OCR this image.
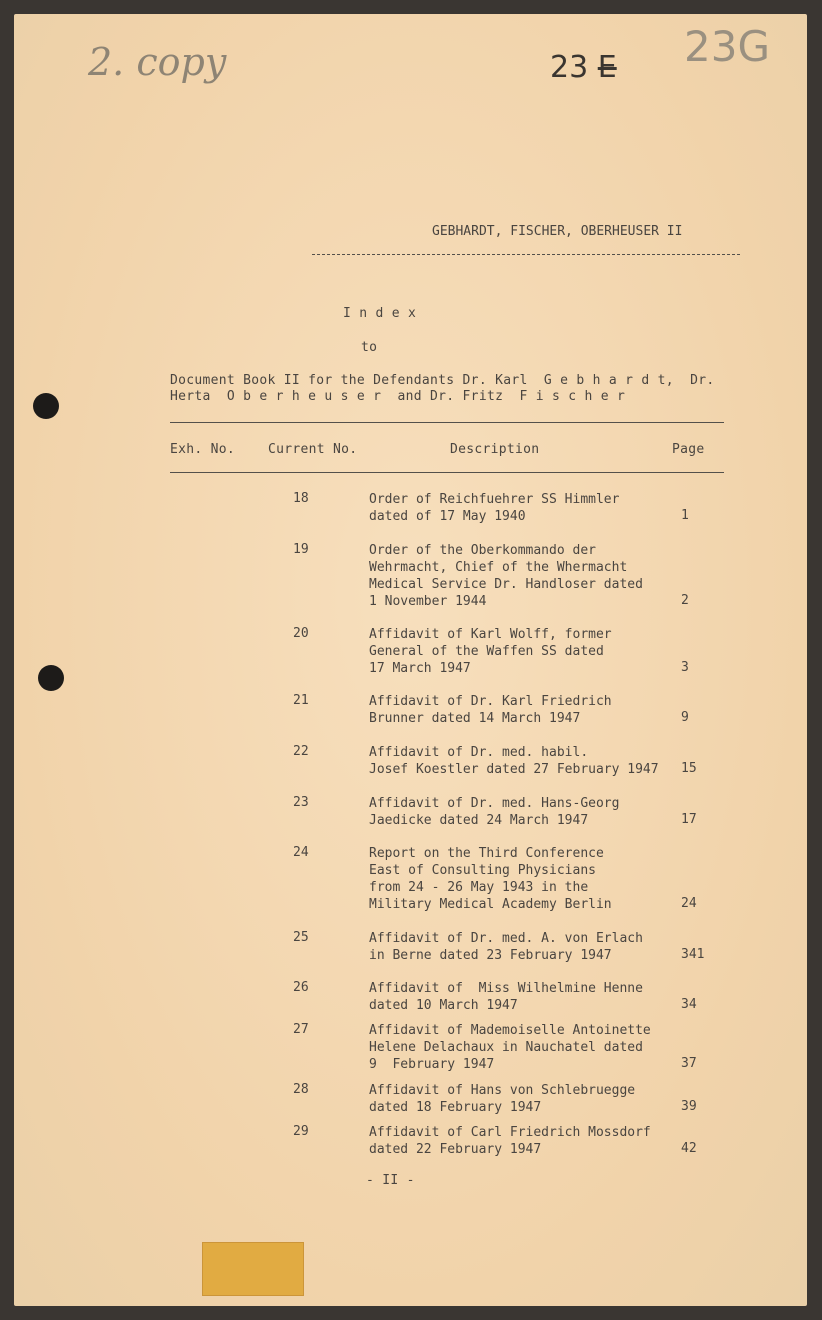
2. copy	23G
23 E
GEBHARDT, FISCHER, OBERHEUSER II
I n d e x
to
Document Book II for the Defendants Dr. Karl  G e b h a r d t,  Dr.
Herta  O b e r h e u s e r  and Dr. Fritz  F i s c h e r
Exh. No.	Current No.	Description	Page
18	Order of Reichfuehrer SS Himmler
dated of 17 May 1940	1
19	Order of the Oberkommando der
Wehrmacht, Chief of the Whermacht
Medical Service Dr. Handloser dated
1 November 1944	2
20	Affidavit of Karl Wolff, former
General of the Waffen SS dated
17 March 1947	3
21	Affidavit of Dr. Karl Friedrich
Brunner dated 14 March 1947	9
22	Affidavit of Dr. med. habil.
Josef Koestler dated 27 February 1947	15
23	Affidavit of Dr. med. Hans-Georg
Jaedicke dated 24 March 1947	17
24	Report on the Third Conference
East of Consulting Physicians
from 24 - 26 May 1943 in the
Military Medical Academy Berlin	24
25	Affidavit of Dr. med. A. von Erlach
in Berne dated 23 February 1947	341
26	Affidavit of  Miss Wilhelmine Henne
dated 10 March 1947	34
27	Affidavit of Mademoiselle Antoinette
Helene Delachaux in Nauchatel dated
9  February 1947	37
28	Affidavit of Hans von Schlebruegge
dated 18 February 1947	39
29	Affidavit of Carl Friedrich Mossdorf
dated 22 February 1947	42
- II -
